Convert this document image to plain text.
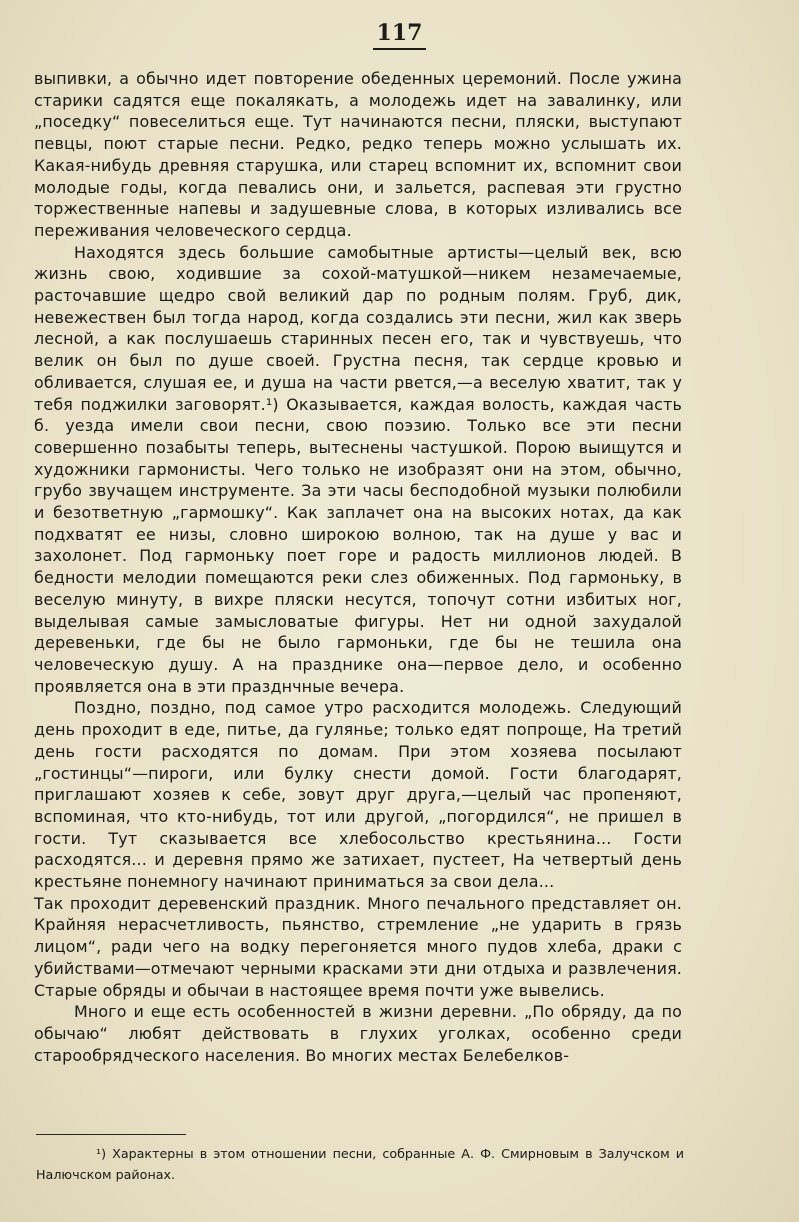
117

выпивки, а обычно идет повторение обеденных церемоний. После ужина старики садятся еще покалякать, а молодежь идет на завалинку, или „поседку“ повеселиться еще. Тут начинаются песни, пляски, выступают певцы, поют старые песни. Редко, редко теперь можно услышать их. Какая-нибудь древняя старушка, или старец вспомнит их, вспомнит свои молодые годы, когда певались они, и зальется, распевая эти грустно торжественные напевы и задушевные слова, в которых изливались все переживания человеческого сердца.

Находятся здесь большие самобытные артисты—целый век, всю жизнь свою, ходившие за сохой-матушкой—никем незамечаемые, расточавшие щедро свой великий дар по родным полям. Груб, дик, невежествен был тогда народ, когда создались эти песни, жил как зверь лесной, а как послушаешь старинных песен его, так и чувствуешь, что велик он был по душе своей. Грустна песня, так сердце кровью и обливается, слушая ее, и душа на части рвется,—а веселую хватит, так у тебя поджилки заговорят.¹) Оказывается, каждая волость, каждая часть б. уезда имели свои песни, свою поэзию. Только все эти песни совершенно позабыты теперь, вытеснены частушкой. Порою выищутся и художники гармонисты. Чего только не изобразят они на этом, обычно, грубо звучащем инструменте. За эти часы бесподобной музыки полюбили и безответную „гармошку“. Как заплачет она на высоких нотах, да как подхватят ее низы, словно широкою волною, так на душе у вас и захолонет. Под гармоньку поет горе и радость миллионов людей. В бедности мелодии помещаются реки слез обиженных. Под гармоньку, в веселую минуту, в вихре пляски несутся, топочут сотни избитых ног, выделывая самые замысловатые фигуры. Нет ни одной захудалой деревеньки, где бы не было гармоньки, где бы не тешила она человеческую душу. А на празднике она—первое дело, и особенно проявляется она в эти празднчные вечера.

Поздно, поздно, под самое утро расходится молодежь. Следующий день проходит в еде, питье, да гулянье; только едят попроще, На третий день гости расходятся по домам. При этом хозяева посылают „гостинцы“—пироги, или булку снести домой. Гости благодарят, приглашают хозяев к себе, зовут друг друга,—целый час пропеняют, вспоминая, что кто-нибудь, тот или другой, „погордился“, не пришел в гости. Тут сказывается все хлебосольство крестьянина... Гости расходятся... и деревня прямо же затихает, пустеет, На четвертый день крестьяне понемногу начинают приниматься за свои дела...

Так проходит деревенский праздник. Много печального представляет он. Крайняя нерасчетливость, пьянство, стремление „не ударить в грязь лицом“, ради чего на водку перегоняется много пудов хлеба, драки с убийствами—отмечают черными красками эти дни отдыха и развлечения. Старые обряды и обычаи в настоящее время почти уже вывелись.

Много и еще есть особенностей в жизни деревни. „По обряду, да по обычаю“ любят действовать в глухих уголках, особенно среди старообрядческого населения. Во многих местах Белебелков-

¹) Характерны в этом отношении песни, собранные А. Ф. Смирновым в Залучском и Налючском районах.
